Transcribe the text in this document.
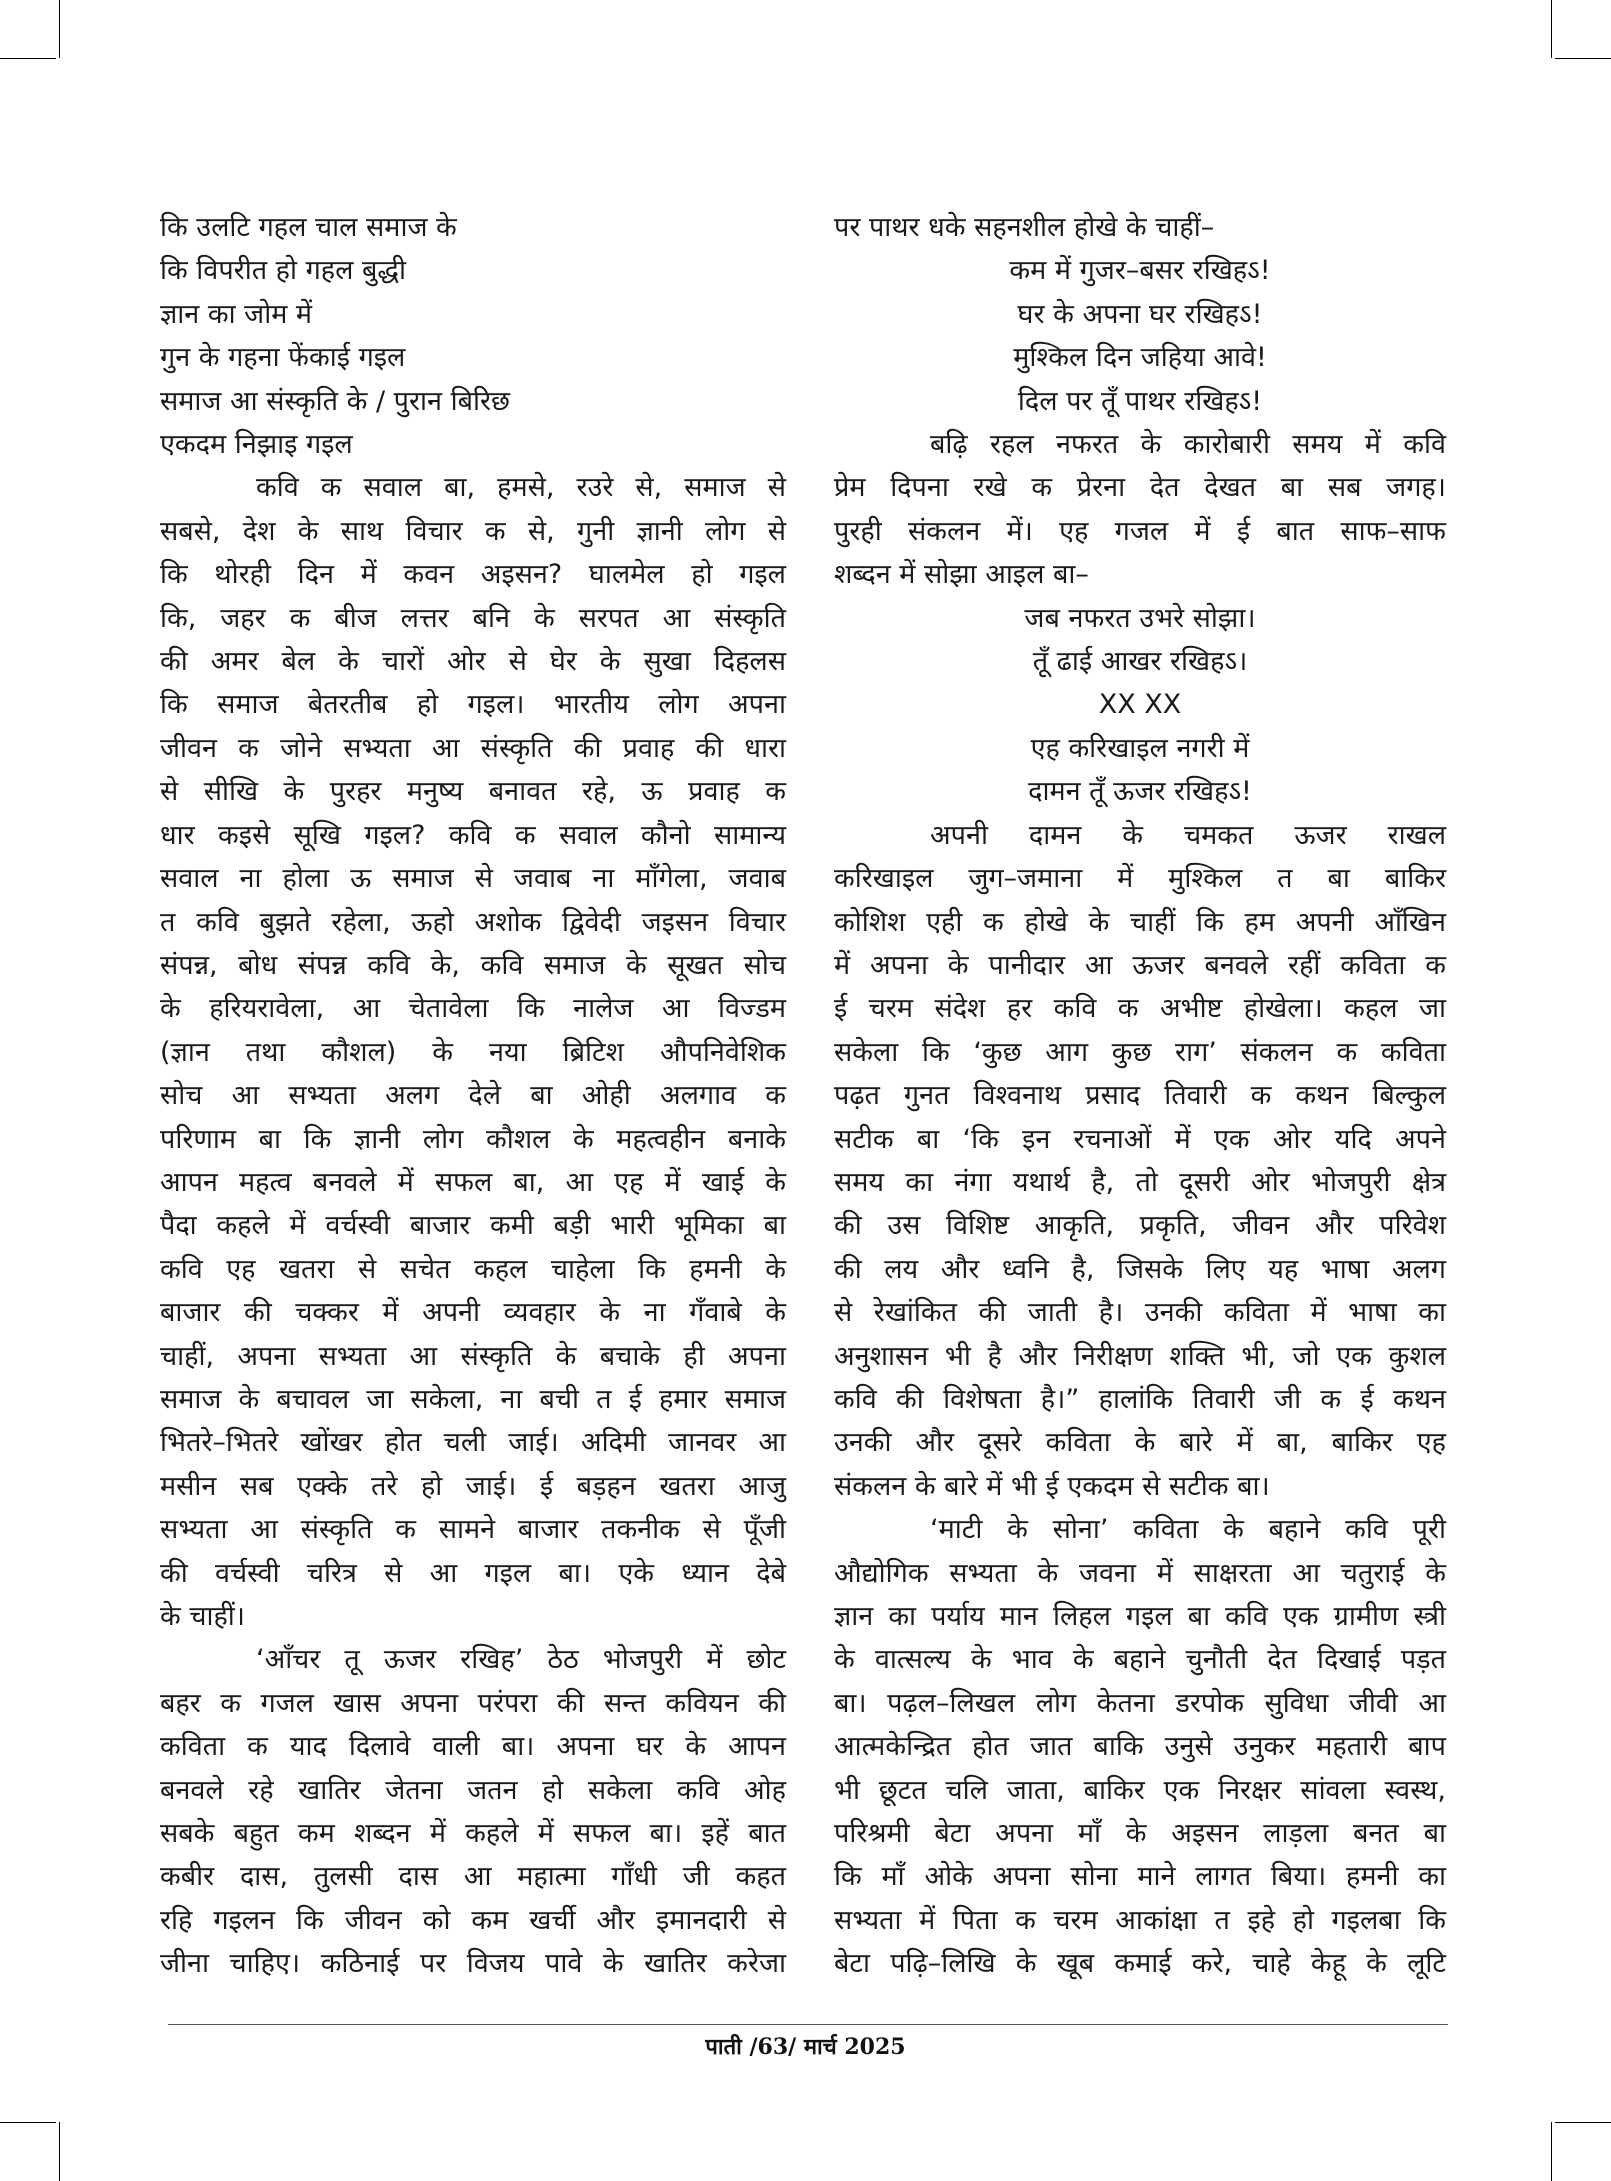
कि उलटि गहल चाल समाज के
कि विपरीत हो गहल बुद्धी
ज्ञान का जोम में
गुन के गहना फेंकाई गइल
समाज आ संस्कृति के / पुरान बिरिछ
एकदम निझाइ गइल
कवि क सवाल बा, हमसे, रउरे से, समाज से
सबसे, देश के साथ विचार क से, गुनी ज्ञानी लोग से
कि थोरही दिन में कवन अइसन? घालमेल हो गइल
कि, जहर क बीज लत्तर बनि के सरपत आ संस्कृति
की अमर बेल के चारों ओर से घेर के सुखा दिहलस
कि समाज बेतरतीब हो गइल। भारतीय लोग अपना
जीवन क जोने सभ्यता आ संस्कृति की प्रवाह की धारा
से सीखि के पुरहर मनुष्य बनावत रहे, ऊ प्रवाह क
धार कइसे सूखि गइल? कवि क सवाल कौनो सामान्य
सवाल ना होला ऊ समाज से जवाब ना माँगेला, जवाब
त कवि बुझते रहेला, ऊहो अशोक द्विवेदी जइसन विचार
संपन्न, बोध संपन्न कवि के, कवि समाज के सूखत सोच
के हरियरावेला, आ चेतावेला कि नालेज आ विज्डम
(ज्ञान तथा कौशल) के नया ब्रिटिश औपनिवेशिक
सोच आ सभ्यता अलग देले बा ओही अलगाव क
परिणाम बा कि ज्ञानी लोग कौशल के महत्वहीन बनाके
आपन महत्व बनवले में सफल बा, आ एह में खाई के
पैदा कहले में वर्चस्वी बाजार कमी बड़ी भारी भूमिका बा
कवि एह खतरा से सचेत कहल चाहेला कि हमनी के
बाजार की चक्कर में अपनी व्यवहार के ना गँवाबे के
चाहीं, अपना सभ्यता आ संस्कृति के बचाके ही अपना
समाज के बचावल जा सकेला, ना बची त ई हमार समाज
भितरे–भितरे खोंखर होत चली जाई। अदिमी जानवर आ
मसीन सब एक्के तरे हो जाई। ई बड़हन खतरा आजु
सभ्यता आ संस्कृति क सामने बाजार तकनीक से पूँजी
की वर्चस्वी चरित्र से आ गइल बा। एके ध्यान देबे
के चाहीं।
‘आँचर तू ऊजर रखिह’ ठेठ भोजपुरी में छोट
बहर क गजल खास अपना परंपरा की सन्त कवियन की
कविता क याद दिलावे वाली बा। अपना घर के आपन
बनवले रहे खातिर जेतना जतन हो सकेला कवि ओह
सबके बहुत कम शब्दन में कहले में सफल बा। इहें बात
कबीर दास, तुलसी दास आ महात्मा गाँधी जी कहत
रहि गइलन कि जीवन को कम खर्ची और इमानदारी से
जीना चाहिए। कठिनाई पर विजय पावे के खातिर करेजा
पर पाथर धके सहनशील होखे के चाहीं–
कम में गुजर–बसर रखिहऽ!
घर के अपना घर रखिहऽ!
मुश्किल दिन जहिया आवे!
दिल पर तूँ पाथर रखिहऽ!
बढ़ि रहल नफरत के कारोबारी समय में कवि
प्रेम दिपना रखे क प्रेरना देत देखत बा सब जगह।
पुरही संकलन में। एह गजल में ई बात साफ–साफ
शब्दन में सोझा आइल बा–
जब नफरत उभरे सोझा।
तूँ ढाई आखर रखिहऽ।
XX XX
एह करिखाइल नगरी में
दामन तूँ ऊजर रखिहऽ!
अपनी दामन के चमकत ऊजर राखल
करिखाइल जुग–जमाना में मुश्किल त बा बाकिर
कोशिश एही क होखे के चाहीं कि हम अपनी आँखिन
में अपना के पानीदार आ ऊजर बनवले रहीं कविता क
ई चरम संदेश हर कवि क अभीष्ट होखेला। कहल जा
सकेला कि ‘कुछ आग कुछ राग’ संकलन क कविता
पढ़त गुनत विश्वनाथ प्रसाद तिवारी क कथन बिल्कुल
सटीक बा ‘कि इन रचनाओं में एक ओर यदि अपने
समय का नंगा यथार्थ है, तो दूसरी ओर भोजपुरी क्षेत्र
की उस विशिष्ट आकृति, प्रकृति, जीवन और परिवेश
की लय और ध्वनि है, जिसके लिए यह भाषा अलग
से रेखांकित की जाती है। उनकी कविता में भाषा का
अनुशासन भी है और निरीक्षण शक्ति भी, जो एक कुशल
कवि की विशेषता है।” हालांकि तिवारी जी क ई कथन
उनकी और दूसरे कविता के बारे में बा, बाकिर एह
संकलन के बारे में भी ई एकदम से सटीक बा।
‘माटी के सोना’ कविता के बहाने कवि पूरी
औद्योगिक सभ्यता के जवना में साक्षरता आ चतुराई के
ज्ञान का पर्याय मान लिहल गइल बा कवि एक ग्रामीण स्त्री
के वात्सल्य के भाव के बहाने चुनौती देत दिखाई पड़त
बा। पढ़ल–लिखल लोग केतना डरपोक सुविधा जीवी आ
आत्मकेन्द्रित होत जात बाकि उनुसे उनुकर महतारी बाप
भी छूटत चलि जाता, बाकिर एक निरक्षर सांवला स्वस्थ,
परिश्रमी बेटा अपना माँ के अइसन लाड़ला बनत बा
कि माँ ओके अपना सोना माने लागत बिया। हमनी का
सभ्यता में पिता क चरम आकांक्षा त इहे हो गइलबा कि
बेटा पढ़ि–लिखि के खूब कमाई करे, चाहे केहू के लूटि
पाती /63/ मार्च 2025
